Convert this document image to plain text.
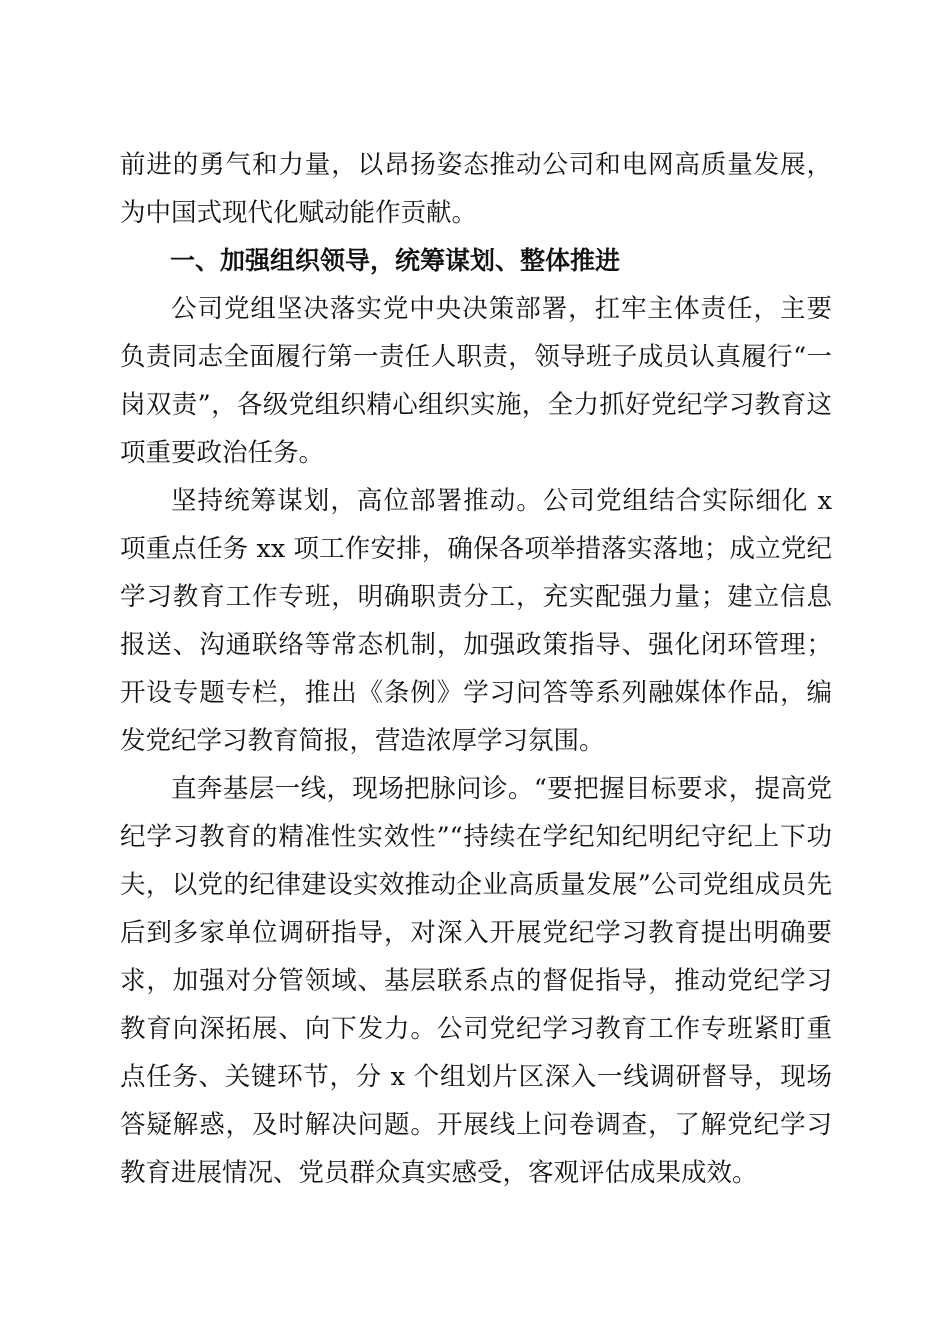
前进的勇气和力量，以昂扬姿态推动公司和电网高质量发展，为中国式现代化赋动能作贡献。

一、加强组织领导，统筹谋划、整体推进

公司党组坚决落实党中央决策部署，扛牢主体责任，主要负责同志全面履行第一责任人职责，领导班子成员认真履行“一岗双责”，各级党组织精心组织实施，全力抓好党纪学习教育这项重要政治任务。

坚持统筹谋划，高位部署推动。公司党组结合实际细化 x 项重点任务 xx 项工作安排，确保各项举措落实落地；成立党纪学习教育工作专班，明确职责分工，充实配强力量；建立信息报送、沟通联络等常态机制，加强政策指导、强化闭环管理；开设专题专栏，推出《条例》学习问答等系列融媒体作品，编发党纪学习教育简报，营造浓厚学习氛围。

直奔基层一线，现场把脉问诊。“要把握目标要求，提高党纪学习教育的精准性实效性”“持续在学纪知纪明纪守纪上下功夫，以党的纪律建设实效推动企业高质量发展”公司党组成员先后到多家单位调研指导，对深入开展党纪学习教育提出明确要求，加强对分管领域、基层联系点的督促指导，推动党纪学习教育向深拓展、向下发力。公司党纪学习教育工作专班紧盯重点任务、关键环节，分 x 个组划片区深入一线调研督导，现场答疑解惑，及时解决问题。开展线上问卷调查，了解党纪学习教育进展情况、党员群众真实感受，客观评估成果成效。
